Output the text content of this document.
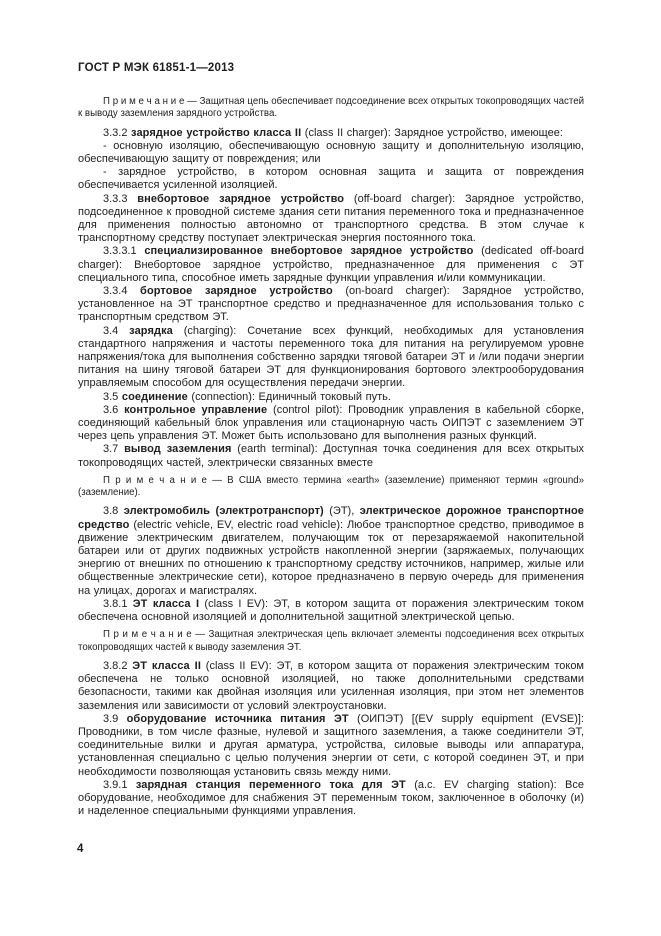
ГОСТ Р МЭК 61851-1—2013

П р и м е ч а н и е — Защитная цепь обеспечивает подсоединение всех открытых токопроводящих частей к выводу заземления зарядного устройства.

3.3.2 зарядное устройство класса II (class II charger): Зарядное устройство, имеющее:

- основную изоляцию, обеспечивающую основную защиту и дополнительную изоляцию, обеспечивающую защиту от повреждения; или

- зарядное устройство, в котором основная защита и защита от повреждения обеспечивается усиленной изоляцией.

3.3.3 внебортовое зарядное устройство (off-board charger): Зарядное устройство, подсоединенное к проводной системе здания сети питания переменного тока и предназначенное для применения полностью автономно от транспортного средства. В этом случае к транспортному средству поступает электрическая энергия постоянного тока.

3.3.3.1 специализированное внебортовое зарядное устройство (dedicated off-board charger): Внебортовое зарядное устройство, предназначенное для применения с ЭТ специального типа, способное иметь зарядные функции управления и/или коммуникации.

3.3.4 бортовое зарядное устройство (on-board charger): Зарядное устройство, установленное на ЭТ транспортное средство и предназначенное для использования только с транспортным средством ЭТ.

3.4 зарядка (charging): Сочетание всех функций, необходимых для установления стандартного напряжения и частоты переменного тока для питания на регулируемом уровне напряжения/тока для выполнения собственно зарядки тяговой батареи ЭТ и /или подачи энергии питания на шину тяговой батареи ЭТ для функционирования бортового электрооборудования управляемым способом для осуществления передачи энергии.

3.5 соединение (connection): Единичный токовый путь.

3.6 контрольное управление (control pilot): Проводник управления в кабельной сборке, соединяющий кабельный блок управления или стационарную часть ОИПЭТ с заземлением ЭТ через цепь управления ЭТ. Может быть использовано для выполнения разных функций.

3.7 вывод заземления (earth terminal): Доступная точка соединения для всех открытых токопроводящих частей, электрически связанных вместе

П р и м е ч а н и е — В США вместо термина «earth» (заземление) применяют термин «ground» (заземление).

3.8 электромобиль (электротранспорт) (ЭТ), электрическое дорожное транспортное средство (electric vehicle, EV, electric road vehicle): Любое транспортное средство, приводимое в движение электрическим двигателем, получающим ток от перезаряжаемой накопительной батареи или от других подвижных устройств накопленной энергии (заряжаемых, получающих энергию от внешних по отношению к транспортному средству источников, например, жилые или общественные электрические сети), которое предназначено в первую очередь для применения на улицах, дорогах и магистралях.

3.8.1 ЭТ класса I (class I EV): ЭТ, в котором защита от поражения электрическим током обеспечена основной изоляцией и дополнительной защитной электрической цепью.

П р и м е ч а н и е — Защитная электрическая цепь включает элементы подсоединения всех открытых токопроводящих частей к выводу заземления ЭТ.

3.8.2 ЭТ класса II (class II EV): ЭТ, в котором защита от поражения электрическим током обеспечена не только основной изоляцией, но также дополнительными средствами безопасности, такими как двойная изоляция или усиленная изоляция, при этом нет элементов заземления или зависимости от условий электроустановки.

3.9 оборудование источника питания ЭТ (ОИПЭТ) [(EV supply equipment (EVSE)]: Проводники, в том числе фазные, нулевой и защитного заземления, а также соединители ЭТ, соединительные вилки и другая арматура, устройства, силовые выводы или аппаратура, установленная специально с целью получения энергии от сети, с которой соединен ЭТ, и при необходимости позволяющая установить связь между ними.

3.9.1 зарядная станция переменного тока для ЭТ (a.c. EV charging station): Все оборудование, необходимое для снабжения ЭТ переменным током, заключенное в оболочку (и) и наделенное специальными функциями управления.

4
